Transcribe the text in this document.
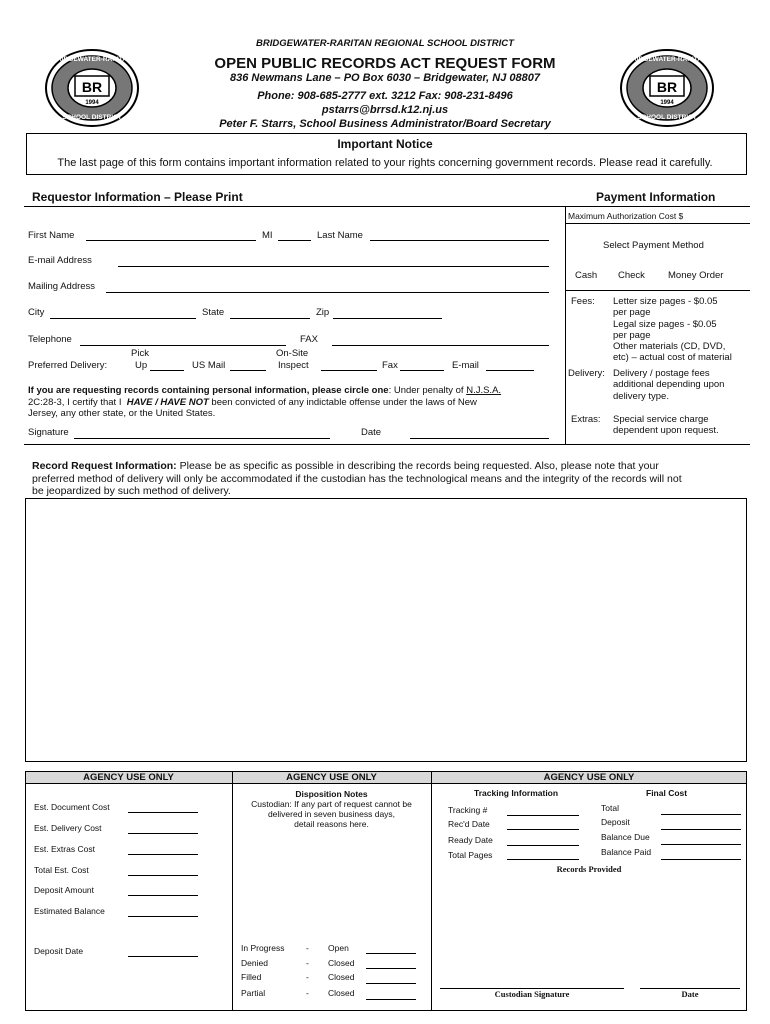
BR
1994
BRIDGEWATER-RARITAN
SCHOOL DISTRICT
BR
1994
BRIDGEWATER-RARITAN
SCHOOL DISTRICT
BRIDGEWATER-RARITAN REGIONAL SCHOOL DISTRICT
OPEN PUBLIC RECORDS ACT REQUEST FORM
836 Newmans Lane – PO Box 6030 – Bridgewater, NJ 08807
Phone: 908-685-2777 ext. 3212 Fax: 908-231-8496
pstarrs@brrsd.k12.nj.us
Peter F. Starrs, School Business Administrator/Board Secretary
Important Notice
The last page of this form contains important information related to your rights concerning government records. Please read it carefully.
Requestor Information – Please Print	Payment Information
First Name	MI	Last Name
E-mail Address
Mailing Address
City	State	Zip
Telephone	FAX
Preferred Delivery:
Pick
Up	US Mail
On-Site
Inspect	Fax	E-mail
If you are requesting records containing personal information, please circle one: Under penalty of N.J.S.A.
2C:28-3, I certify that I HAVE / HAVE NOT been convicted of any indictable offense under the laws of New
Jersey, any other state, or the United States.
Signature	Date
Maximum Authorization Cost $
Select Payment Method
Cash Check Money Order
Fees: Letter size pages - $0.05
per page
Legal size pages - $0.05
per page
Other materials (CD, DVD,
etc) – actual cost of material
Delivery: Delivery / postage fees
additional depending upon
delivery type.
Extras: Special service charge
dependent upon request.
Record Request Information: Please be as specific as possible in describing the records being requested. Also, please note that your
preferred method of delivery will only be accommodated if the custodian has the technological means and the integrity of the records will not
be jeopardized by such method of delivery.
AGENCY USE ONLY	AGENCY USE ONLY	AGENCY USE ONLY
Est. Document Cost
Est. Delivery Cost
Est. Extras Cost
Total Est. Cost
Deposit Amount
Estimated Balance
Deposit Date
Disposition Notes
Custodian: If any part of request cannot be
delivered in seven business days,
detail reasons here.
In Progress	- Open
Denied	- Closed
Filled	- Closed
Partial	- Closed
Tracking Information	Final Cost
Tracking #
Rec'd Date
Ready Date
Total Pages
Total
Deposit
Balance Due
Balance Paid
Records Provided
Custodian Signature	Date
